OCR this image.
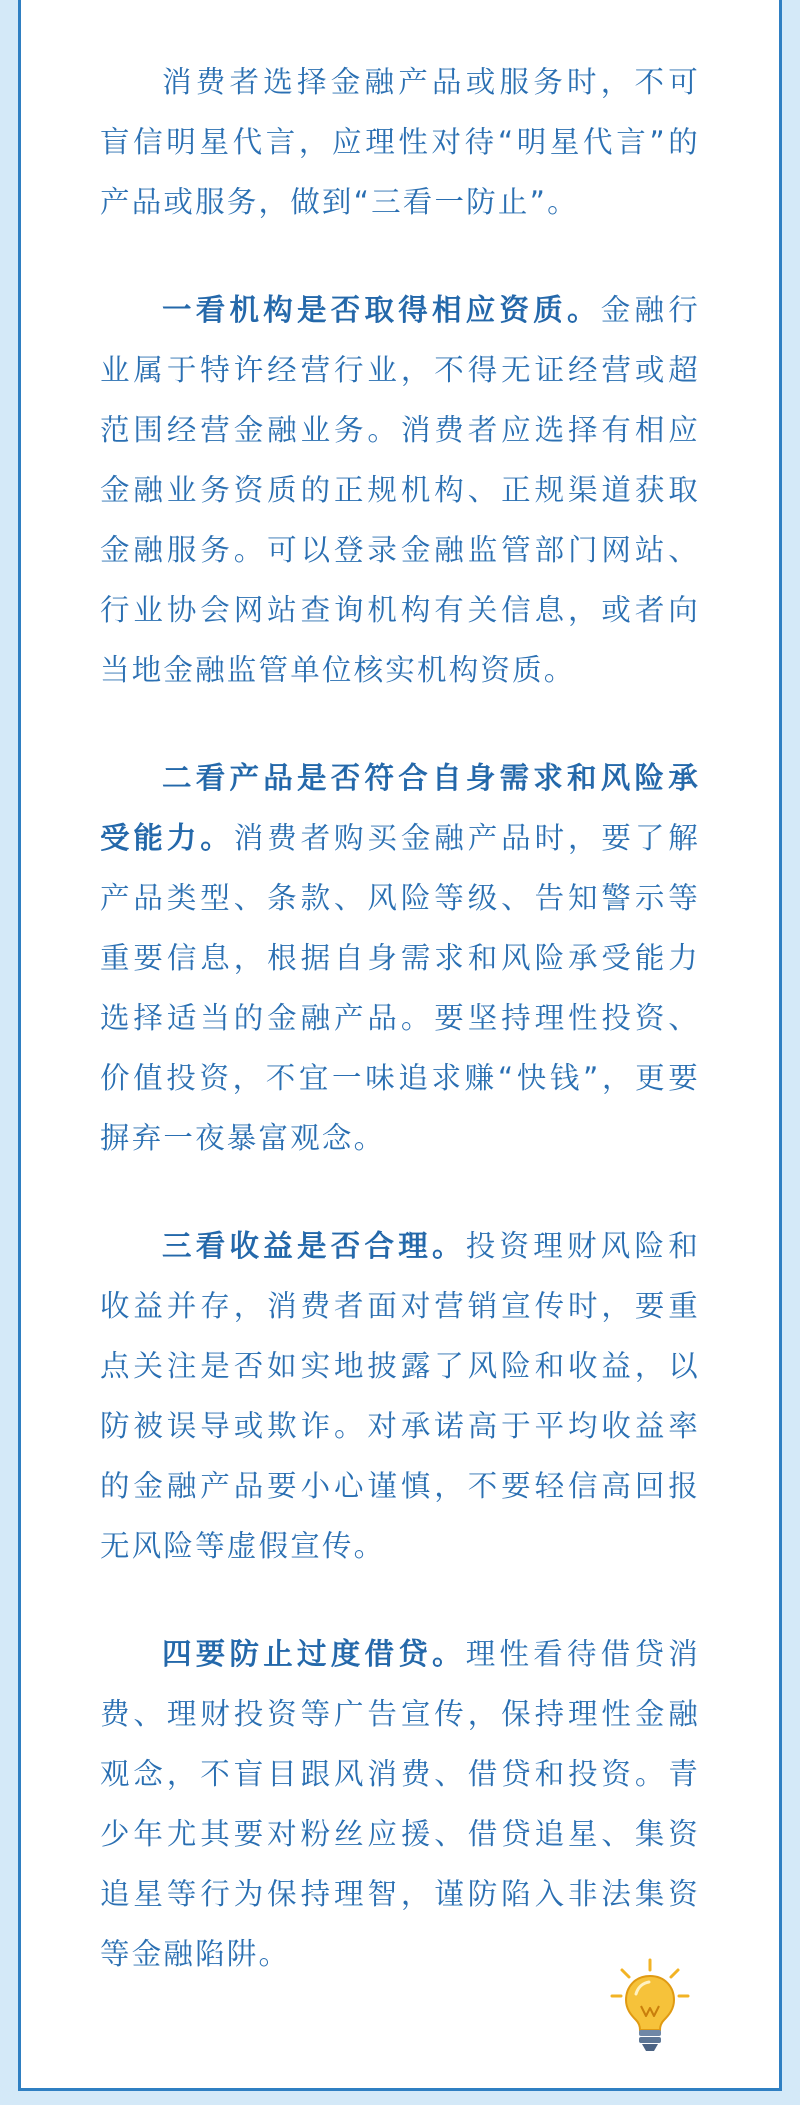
消费者选择金融产品或服务时，不可盲信明星代言，应理性对待“明星代言”的产品或服务，做到“三看一防止”。

一看机构是否取得相应资质。金融行业属于特许经营行业，不得无证经营或超范围经营金融业务。消费者应选择有相应金融业务资质的正规机构、正规渠道获取金融服务。可以登录金融监管部门网站、行业协会网站查询机构有关信息，或者向当地金融监管单位核实机构资质。

二看产品是否符合自身需求和风险承受能力。消费者购买金融产品时，要了解产品类型、条款、风险等级、告知警示等重要信息，根据自身需求和风险承受能力选择适当的金融产品。要坚持理性投资、价值投资，不宜一味追求赚“快钱”，更要摒弃一夜暴富观念。

三看收益是否合理。投资理财风险和收益并存，消费者面对营销宣传时，要重点关注是否如实地披露了风险和收益，以防被误导或欺诈。对承诺高于平均收益率的金融产品要小心谨慎，不要轻信高回报无风险等虚假宣传。

四要防止过度借贷。理性看待借贷消费、理财投资等广告宣传，保持理性金融观念，不盲目跟风消费、借贷和投资。青少年尤其要对粉丝应援、借贷追星、集资追星等行为保持理智，谨防陷入非法集资等金融陷阱。
